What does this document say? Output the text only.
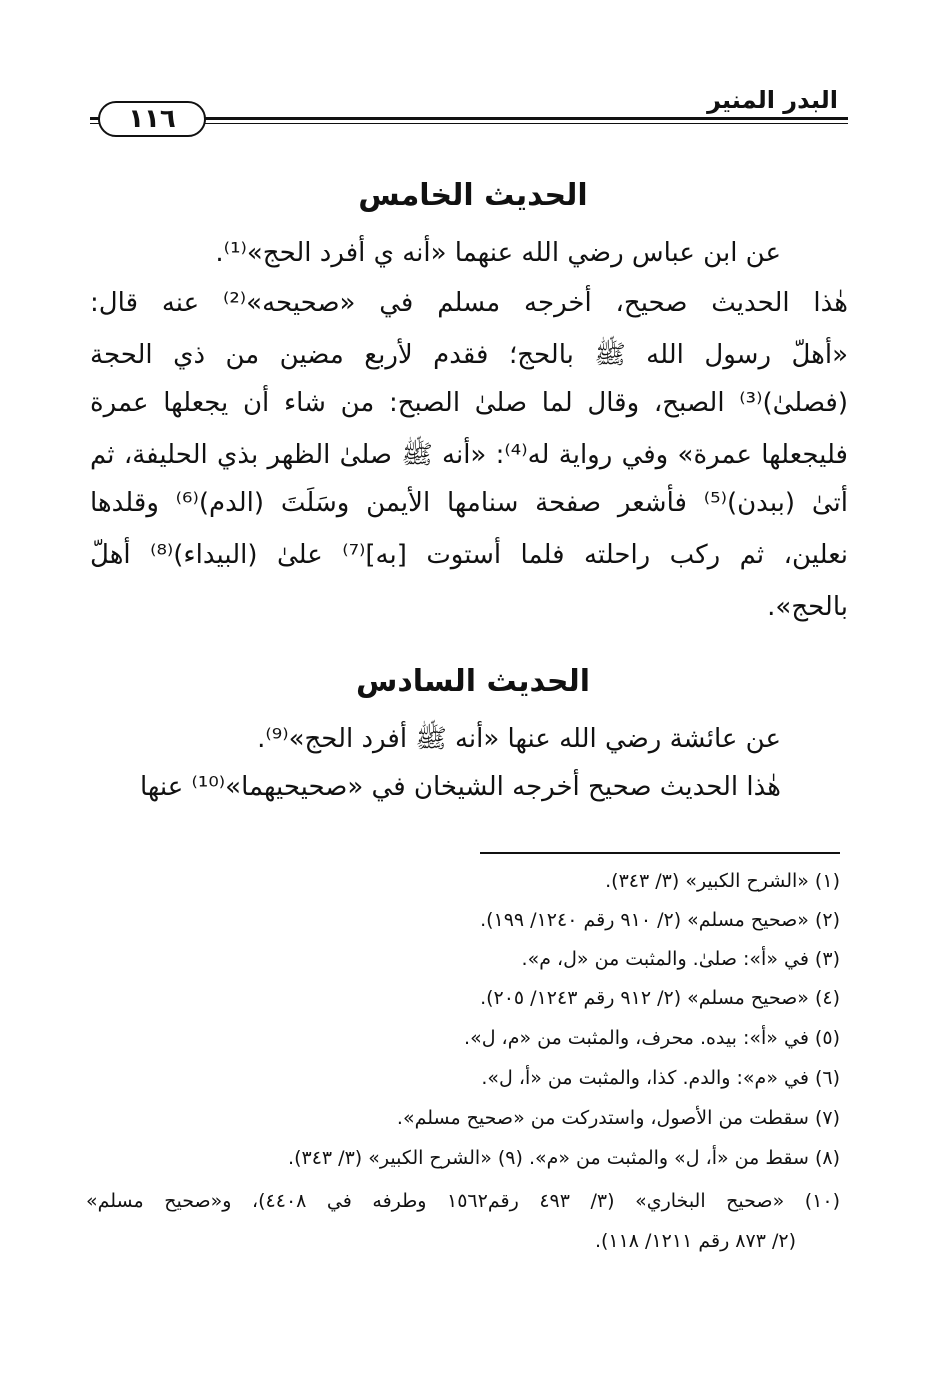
البدر المنير
١١٦
الحديث الخامس
عن ابن عباس رضي الله عنهما «أنه ي أفرد الحج»⁽¹⁾.
هٰذا الحديث صحيح، أخرجه مسلم في «صحيحه»⁽²⁾ عنه قال:
«أهلّ رسول الله ﷺ بالحج؛ فقدم لأربع مضين من ذي الحجة
(فصلىٰ)⁽³⁾ الصبح، وقال لما صلىٰ الصبح: من شاء أن يجعلها عمرة
فليجعلها عمرة» وفي رواية له⁽⁴⁾: «أنه ﷺ صلىٰ الظهر بذي الحليفة، ثم
أتىٰ (ببدن)⁽⁵⁾ فأشعر صفحة سنامها الأيمن وسَلَتَ (الدم)⁽⁶⁾ وقلدها
نعلين، ثم ركب راحلته فلما أستوت [به]⁽⁷⁾ علىٰ (البيداء)⁽⁸⁾ أهلّ
بالحج».
الحديث السادس
عن عائشة رضي الله عنها «أنه ﷺ أفرد الحج»⁽⁹⁾.
هٰذا الحديث صحيح أخرجه الشيخان في «صحيحيهما»⁽¹⁰⁾ عنها
(١) «الشرح الكبير» (٣/ ٣٤٣).
(٢) «صحيح مسلم» (٢/ ٩١٠ رقم ١٢٤٠/ ١٩٩).
(٣) في «أ»: صلىٰ. والمثبت من «ل، م».
(٤) «صحيح مسلم» (٢/ ٩١٢ رقم ١٢٤٣/ ٢٠٥).
(٥) في «أ»: بيده. محرف، والمثبت من «م، ل».
(٦) في «م»: والدم. كذا، والمثبت من «أ، ل».
(٧) سقطت من الأصول، واستدركت من «صحيح مسلم».
(٨) سقط من «أ، ل» والمثبت من «م». (٩) «الشرح الكبير» (٣/ ٣٤٣).
(١٠) «صحيح البخاري» (٣/ ٤٩٣ رقم١٥٦٢ وطرفه في ٤٤٠٨)، و«صحيح مسلم»
(٢/ ٨٧٣ رقم ١٢١١/ ١١٨).
